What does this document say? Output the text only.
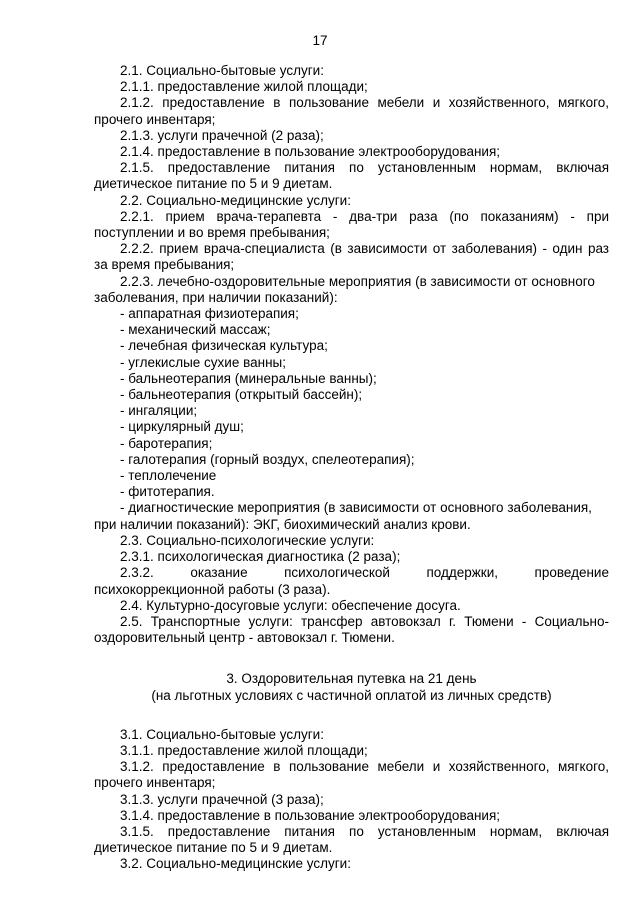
17

2.1. Социально-бытовые услуги:

2.1.1. предоставление жилой площади;

2.1.2. предоставление в пользование мебели и хозяйственного, мягкого, прочего инвентаря;

2.1.3. услуги прачечной (2 раза);

2.1.4. предоставление в пользование электрооборудования;

2.1.5. предоставление питания по установленным нормам, включая диетическое питание по 5 и 9 диетам.

2.2. Социально-медицинские услуги:

2.2.1. прием врача-терапевта - два-три раза (по показаниям) - при поступлении и во время пребывания;

2.2.2. прием врача-специалиста (в зависимости от заболевания) - один раз за время пребывания;

2.2.3. лечебно-оздоровительные мероприятия (в зависимости от основного заболевания, при наличии показаний):

- аппаратная физиотерапия;

- механический массаж;

- лечебная физическая культура;

- углекислые сухие ванны;

- бальнеотерапия (минеральные ванны);

- бальнеотерапия (открытый бассейн);

- ингаляции;

- циркулярный душ;

- баротерапия;

- галотерапия (горный воздух, спелеотерапия);

- теплолечение

- фитотерапия.

- диагностические мероприятия (в зависимости от основного заболевания, при наличии показаний): ЭКГ, биохимический анализ крови.

2.3. Социально-психологические услуги:

2.3.1. психологическая диагностика (2 раза);

2.3.2. оказание психологической поддержки, проведение психокоррекционной работы (3 раза).

2.4. Культурно-досуговые услуги: обеспечение досуга.

2.5. Транспортные услуги: трансфер автовокзал г. Тюмени - Социально-оздоровительный центр - автовокзал г. Тюмени.

3. Оздоровительная путевка на 21 день

(на льготных условиях с частичной оплатой из личных средств)

3.1. Социально-бытовые услуги:

3.1.1. предоставление жилой площади;

3.1.2. предоставление в пользование мебели и хозяйственного, мягкого, прочего инвентаря;

3.1.3. услуги прачечной (3 раза);

3.1.4. предоставление в пользование электрооборудования;

3.1.5. предоставление питания по установленным нормам, включая диетическое питание по 5 и 9 диетам.

3.2. Социально-медицинские услуги:
